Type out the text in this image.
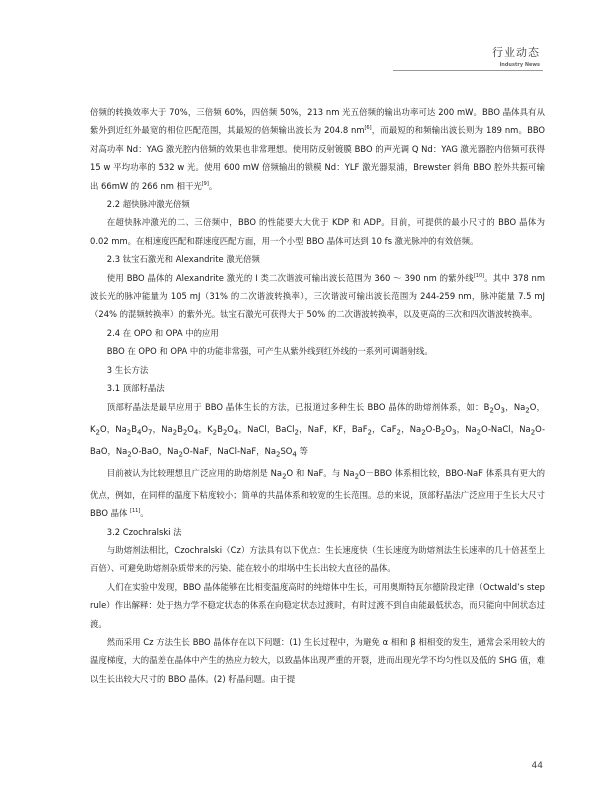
行业动态
Industry News

倍频的转换效率大于 70%，三倍频 60%，四倍频 50%，213 nm 光五倍频的输出功率可达 200 mW。BBO 晶体具有从紫外到近红外最宽的相位匹配范围，其最短的倍频输出波长为 204.8 nm[6]，而最短的和频输出波长则为 189 nm。BBO 对高功率 Nd：YAG 激光腔内倍频的效果也非常理想。使用防反射镀膜 BBO 的声光调 Q Nd：YAG 激光器腔内倍频可获得 15 w 平均功率的 532 w 光。使用 600 mW 倍频输出的锁模 Nd：YLF 激光器泵浦，Brewster 斜角 BBO 腔外共振可输出 66mW 的 266 nm 相干光[9]。

2.2 超快脉冲激光倍频

在超快脉冲激光的二、三倍频中，BBO 的性能要大大优于 KDP 和 ADP。目前，可提供的最小尺寸的 BBO 晶体为 0.02 mm。在相速度匹配和群速度匹配方面，用一个小型 BBO 晶体可达到 10 fs 激光脉冲的有效倍频。

2.3 钛宝石激光和 Alexandrite 激光倍频

使用 BBO 晶体的 Alexandrite 激光的 I 类二次谐波可输出波长范围为 360 ～ 390 nm 的紫外线[10]。其中 378 nm 波长光的脉冲能量为 105 mJ（31% 的二次谐波转换率），三次谐波可输出波长范围为 244-259 nm，脉冲能量 7.5 mJ（24% 的混频转换率）的紫外光。钛宝石激光可获得大于 50% 的二次谐波转换率，以及更高的三次和四次谐波转换率。

2.4 在 OPO 和 OPA 中的应用

BBO 在 OPO 和 OPA 中的功能非常强，可产生从紫外线到红外线的一系列可调谐射线。

3 生长方法

3.1 顶部籽晶法

顶部籽晶法是最早应用于 BBO 晶体生长的方法，已报道过多种生长 BBO 晶体的助熔剂体系，如：$B_2O_3$，$Na_2O$，$K_2O$，$Na_2B_4O_7$，$Na_2B_2O_4$，$K_2B_2O_4$，NaCl，BaCl$_2$，NaF，KF，BaF$_2$，CaF$_2$，$Na_2O-B_2O_3$，$Na_2O$-NaCl，$Na_2O$-BaO，$Na_2O$-BaO，$Na_2O$-NaF，NaCl-NaF，$Na_2SO_4$ 等

目前被认为比较理想且广泛应用的助熔剂是 $Na_2O$ 和 NaF。与 $Na_2O-BBO$ 体系相比较，BBO-NaF 体系具有更大的优点，例如，在同样的温度下粘度较小；简单的共晶体系和较宽的生长范围。总的来说，顶部籽晶法广泛应用于生长大尺寸 BBO 晶体 [11]。

3.2 Czochralski 法

与助熔剂法相比，Czochralski（Cz）方法具有以下优点：生长速度快（生长速度为助熔剂法生长速率的几十倍甚至上百倍）、可避免助熔剂杂质带来的污染、能在较小的坩埚中生长出较大直径的晶体。

人们在实验中发现，BBO 晶体能够在比相变温度高时的纯熔体中生长，可用奥斯特瓦尔德阶段定律（Octwald’s step rule）作出解释：处于热力学不稳定状态的体系在向稳定状态过渡时，有时过渡不到自由能最低状态，而只能向中间状态过渡。

然而采用 Cz 方法生长 BBO 晶体存在以下问题：(1) 生长过程中，为避免 α 相和 β 相相变的发生，通常会采用较大的温度梯度，大的温差在晶体中产生的热应力较大，以致晶体出现严重的开裂，进而出现光学不均匀性以及低的 SHG 值，难以生长出较大尺寸的 BBO 晶体。(2) 籽晶问题。由于提

44
